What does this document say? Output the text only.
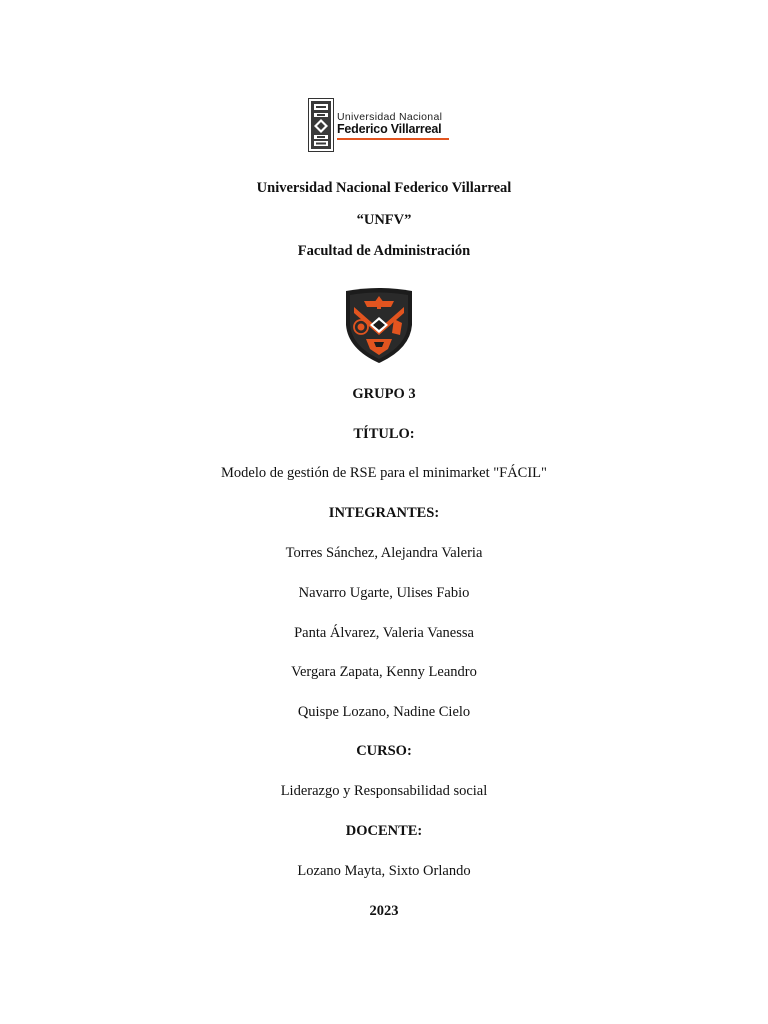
Universidad Nacional
Federico Villarreal
Universidad Nacional Federico Villarreal
“UNFV”
Facultad de Administración
GRUPO 3
TÍTULO:
Modelo de gestión de RSE para el minimarket "FÁCIL"
INTEGRANTES:
Torres Sánchez, Alejandra Valeria
Navarro Ugarte, Ulises Fabio
Panta Álvarez, Valeria Vanessa
Vergara Zapata, Kenny Leandro
Quispe Lozano, Nadine Cielo
CURSO:
Liderazgo y Responsabilidad social
DOCENTE:
Lozano Mayta, Sixto Orlando
2023
